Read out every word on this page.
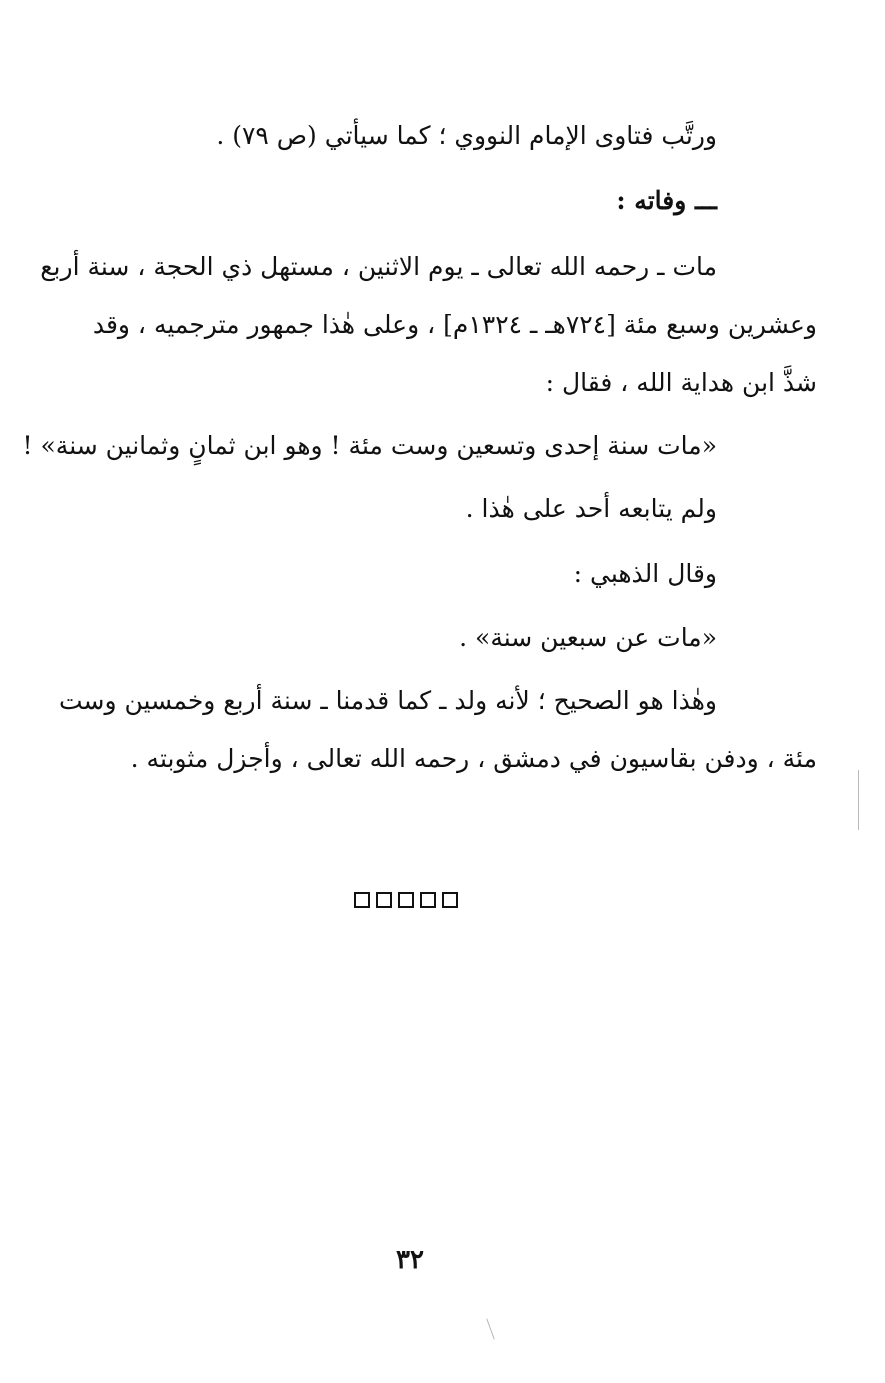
ورتَّب فتاوى الإمام النووي ؛ كما سيأتي (ص ٧٩) .
ـــ وفاته :
مات ـ رحمه الله تعالى ـ يوم الاثنين ، مستهل ذي الحجة ، سنة أربع
وعشرين وسبع مئة [٧٢٤هـ ـ ١٣٢٤م] ، وعلى هٰذا جمهور مترجميه ، وقد
شذَّ ابن هداية الله ، فقال :
«مات سنة إحدى وتسعين وست مئة ! وهو ابن ثمانٍ وثمانين سنة» !
ولم يتابعه أحد على هٰذا .
وقال الذهبي :
«مات عن سبعين سنة» .
وهٰذا هو الصحيح ؛ لأنه ولد ـ كما قدمنا ـ سنة أربع وخمسين وست
مئة ، ودفن بقاسيون في دمشق ، رحمه الله تعالى ، وأجزل مثوبته .
٣٢
